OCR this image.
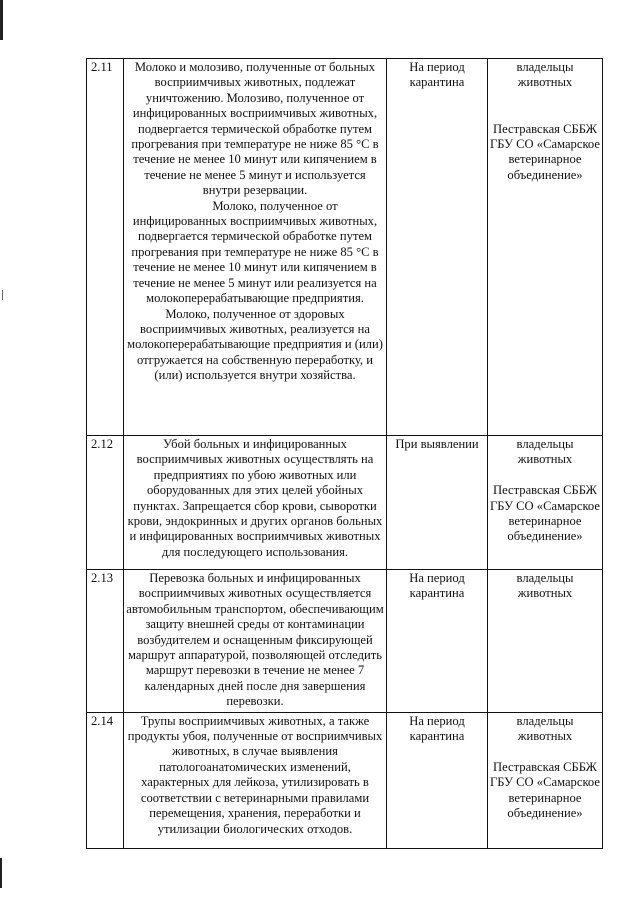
2.11	Молоко и молозиво, полученные от больных восприимчивых животных, подлежат уничтожению. Молозиво, полученное от инфицированных восприимчивых животных, подвергается термической обработке путем прогревания при температуре не ниже 85 °С в течение не менее 10 минут или кипячением в течение не менее 5 минут и используется внутри резервации.
Молоко, полученное от инфицированных восприимчивых животных, подвергается термической обработке путем прогревания при температуре не ниже 85 °С в течение не менее 10 минут или кипячением в течение не менее 5 минут или реализуется на молокоперерабатывающие предприятия.
Молоко, полученное от здоровых восприимчивых животных, реализуется на молокоперерабатывающие предприятия и (или) отгружается на собственную переработку, и (или) используется внутри хозяйства.	На период карантина	владельцы животных
Пестравская СББЖ ГБУ СО «Самарское ветеринарное объединение»

2.12	Убой больных и инфицированных восприимчивых животных осуществлять на предприятиях по убою животных или оборудованных для этих целей убойных пунктах. Запрещается сбор крови, сыворотки крови, эндокринных и других органов больных и инфицированных восприимчивых животных для последующего использования.	При выявлении	владельцы животных
Пестравская СББЖ ГБУ СО «Самарское ветеринарное объединение»

2.13	Перевозка больных и инфицированных восприимчивых животных осуществляется автомобильным транспортом, обеспечивающим защиту внешней среды от контаминации возбудителем и оснащенным фиксирующей маршрут аппаратурой, позволяющей отследить маршрут перевозки в течение не менее 7 календарных дней после дня завершения перевозки.	На период карантина	владельцы животных

2.14	Трупы восприимчивых животных, а также продукты убоя, полученные от восприимчивых животных, в случае выявления патологоанатомических изменений, характерных для лейкоза, утилизировать в соответствии с ветеринарными правилами перемещения, хранения, переработки и утилизации биологических отходов.	На период карантина	владельцы животных
Пестравская СББЖ ГБУ СО «Самарское ветеринарное объединение»
